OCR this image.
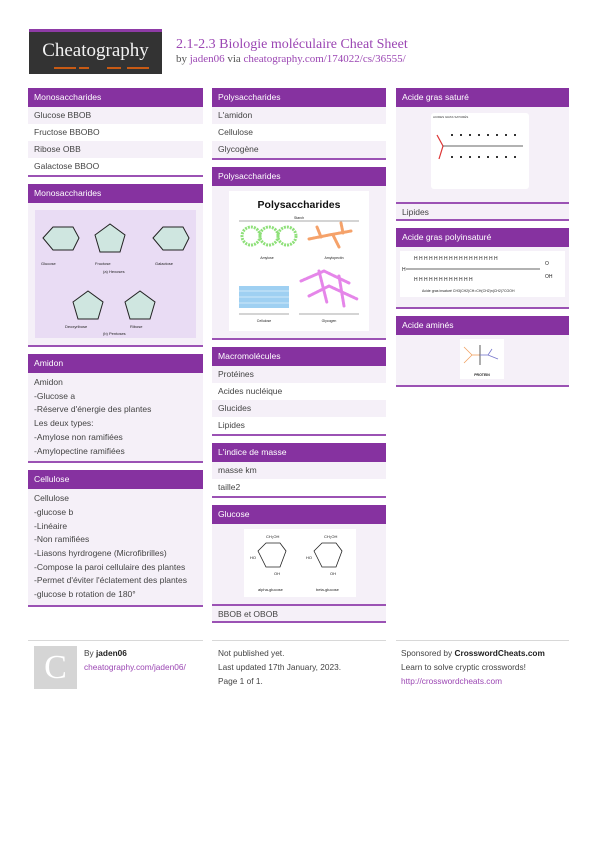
Cheatography	2.1-2.3 Biologie moléculaire Cheat Sheet
by jaden06 via cheatography.com/174022/cs/36555/
Monosaccharides
Glucose BBOB
Fructose BBOBO
Ribose OBB
Galactose BBOO
Monosaccharides
Glucose	Fructose	Galactose
(a) Hexoses
Deoxyribose	Ribose
(b) Pentoses
Amidon
Amidon
-Glucose a
-Réserve d'énergie des plantes
Les deux types:
-Amylose non ramifiées
-Amylopectine ramifiées
Cellulose
Cellulose
-glucose b
-Linéaire
-Non ramifiées
-Liasons hyrdrogene (Microfibrilles)
-Compose la paroi cellulaire des plantes
-Permet d'éviter l'éclatement des plantes
-glucose b rotation de 180°
Polysaccharides
L'amidon
Cellulose
Glycogène
Polysaccharides
Polysaccharides
Starch
Amylose	Amylopectin
Cellulose	Glycogen
Macromolécules
Protéines
Acides nucléique
Glucides
Lipides
L'indice de masse
masse km
taille2
Glucose
CH₂OH	CH₂OH
HO	HO
OH	OH
alpha-glucose	beta-glucose
BBOB et OBOB
Acide gras saturé
ACIDES GRAS SATURÉS
Lipides
Acide gras polyinsaturé
H
H H H H H H H H H H H H H H H H H
H H H H H H H H H H H H
O
OH
Acide gras insaturé CH3(CH2)CH=CH(CH2)n(CH2)7COOH
Acide aminés
PROTEIN
C	By jaden06
cheatography.com/jaden06/
Not published yet.
Last updated 17th January, 2023.
Page 1 of 1.
Sponsored by CrosswordCheats.com
Learn to solve cryptic crosswords!
http://crosswordcheats.com
